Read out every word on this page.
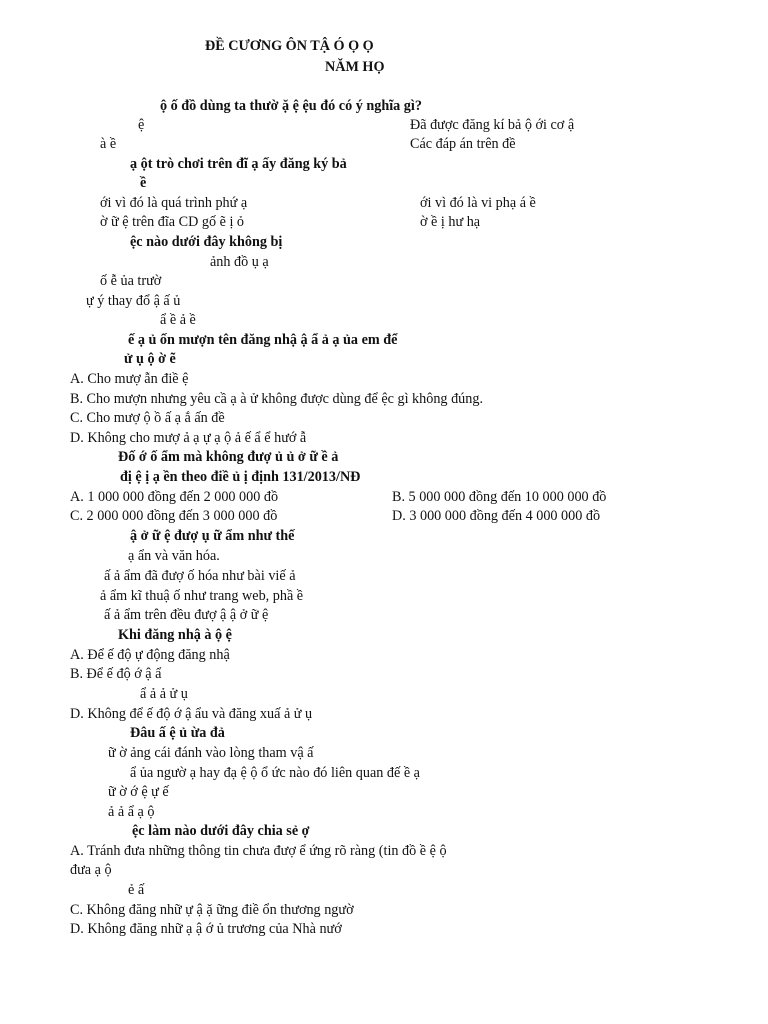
ĐỀ CƯƠNG ÔN TẬ Ó Ọ Ọ
NĂM HỌ
ộ ố đồ dùng ta thườ ặ ệ ệu đó có ý nghĩa gì?
ệ	Đã được đăng kí bả ộ ới cơ ậ
à ề	Các đáp án trên đề
ạ ột trò chơi trên đĩ ạ ấy đăng ký bả
ề
ới vì đó là quá trình phứ ạ	ới vì đó là vi phạ á ề
ờ ữ ệ trên đĩa CD gố ẽ ị ỏ	ờ ề ị hư hạ
ệc nào dưới đây không bị
ảnh đồ ụ ạ
ố ễ ủa trườ
ự ý thay đổ ậ ấ ủ
ẩ ề ả ề
ế ạ ủ ốn mượn tên đăng nhậ ậ ẩ ả ạ ủa em để
ử ụ ộ ờ ẽ
A. Cho mượ ẫn điề ệ
B. Cho mượn nhưng yêu cầ ạ à ử không được dùng để ệc gì không đúng.
C. Cho mượ ộ ồ ấ ạ ắ ấn đề
D. Không cho mượ ả ạ ự ạ ộ ả ế ẩ ể hướ ẫ
Đố ớ ố ẩm mà không đượ ủ ủ ở ữ ề ả
đị ệ ị ạ ền theo điề ủ ị định 131/2013/NĐ
A. 1 000 000 đồng đến 2 000 000 đồ	B. 5 000 000 đồng đến 10 000 000 đồ
C. 2 000 000 đồng đến 3 000 000 đồ	D. 3 000 000 đồng đến 4 000 000 đồ
ậ ở ữ ệ đượ ụ ữ ẩm như thế
ạ ẩn và văn hóa.
ấ ả ẩm đã đượ ố hóa như bài viế ả
ả ẩm kĩ thuậ ố như trang web, phầ ề
ấ ả ẩm trên đều đượ ậ ậ ở ữ ệ
Khi đăng nhậ à ộ ệ
A. Để ế độ ự động đăng nhậ
B. Để ế độ ớ ậ ẩ
ẩ ả ả ử ụ
D. Không để ế độ ớ ậ ẩu và đăng xuấ ả ử ụ
Đâu ấ ệ ủ ừa đả
ữ ờ ảng cái đánh vào lòng tham vậ ấ
ẩ ủa ngườ ạ hay đạ ệ ộ ổ ức nào đó liên quan đế ề ạ
ữ ờ ớ ệ ự ế
ả ả ẩ ạ ộ
ệc làm nào dưới đây chia sẻ ợ
A. Tránh đưa những thông tin chưa đượ ể ứng rõ ràng (tin đồ ề ệ ộ
đưa ạ ộ
ẻ ấ
C. Không đăng nhữ ự ậ ặ ững điề ổn thương ngườ
D. Không đăng nhữ ạ ậ ớ ủ trương của Nhà nướ
